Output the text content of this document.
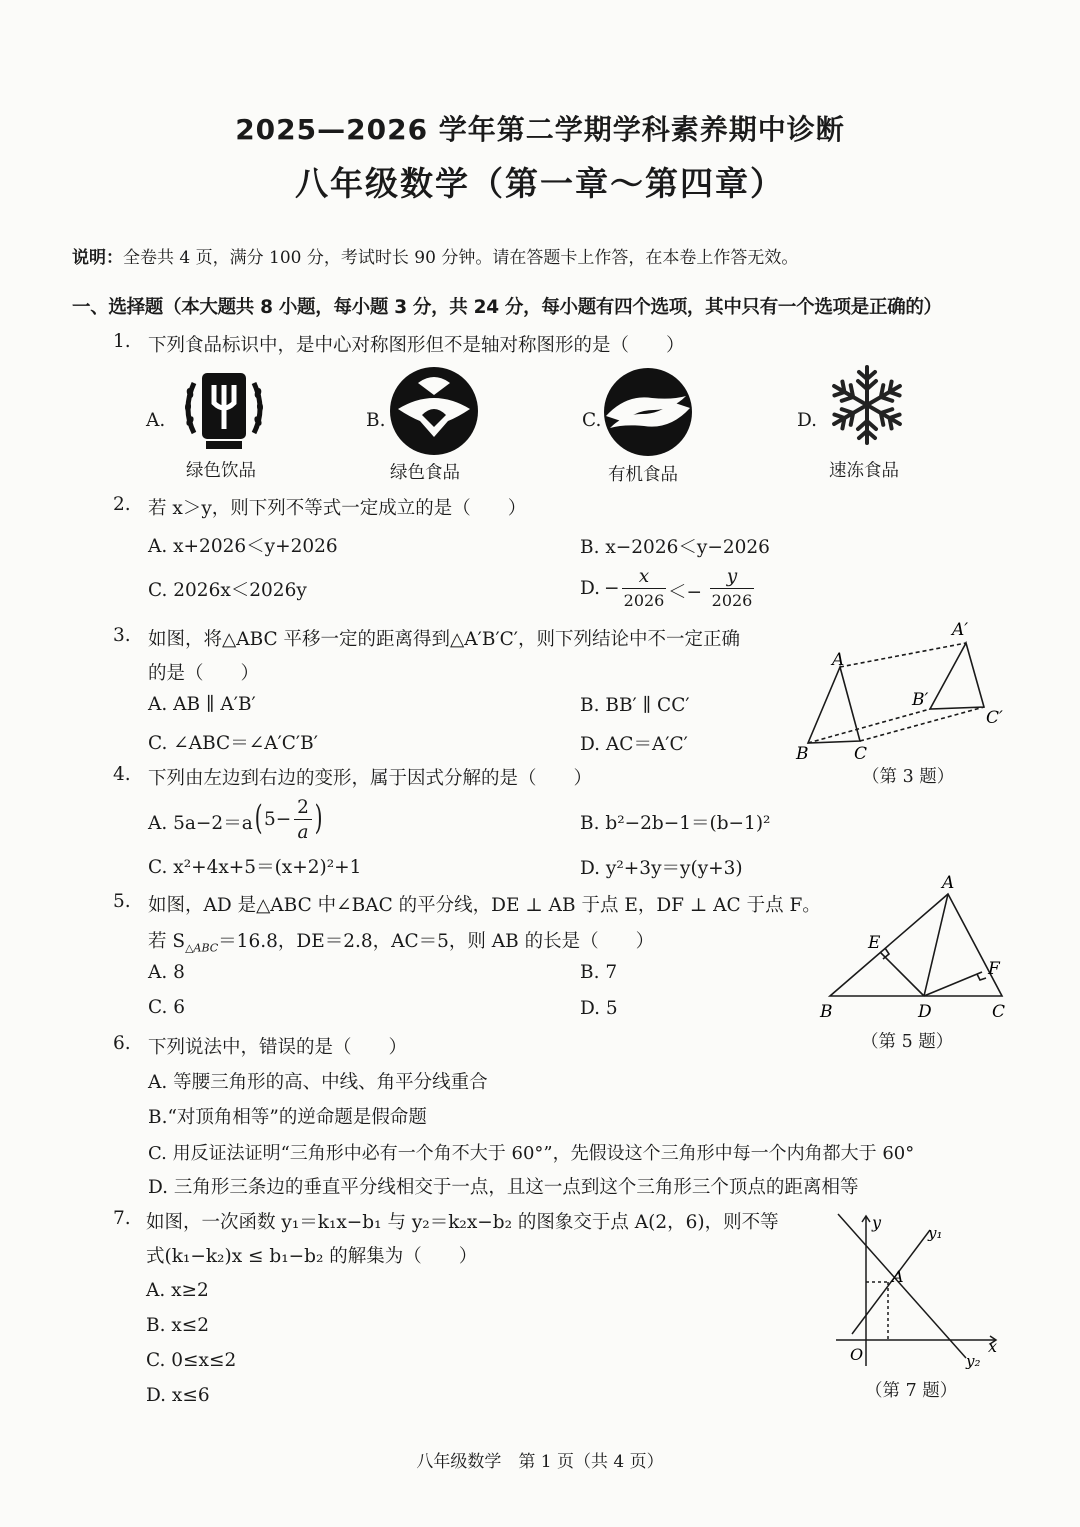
2025—2026 学年第二学期学科素养期中诊断
八年级数学（第一章～第四章）
说明：全卷共 4 页，满分 100 分，考试时长 90 分钟。请在答题卡上作答，在本卷上作答无效。
一、选择题（本大题共 8 小题，每小题 3 分，共 24 分，每小题有四个选项，其中只有一个选项是正确的）
1. 下列食品标识中，是中心对称图形但不是轴对称图形的是（　　）
A.
绿色饮品
B.
绿色食品
C.
有机食品
D.
速冻食品
2. 若 x＞y，则下列不等式一定成立的是（　　）
A. x+2026＜y+2026	B. x−2026＜y−2026
C. 2026x＜2026y	D. −
x
2026 ＜−
y
2026
3. 如图，将△ABC 平移一定的距离得到△A′B′C′，则下列结论中不一定正确
的是（　　）
A. AB ∥ A′B′	B. BB′ ∥ CC′
C. ∠ABC＝∠A′C′B′	D. AC＝A′C′
A
B	C
A′
B′
C′
（第 3 题）
4. 下列由左边到右边的变形，属于因式分解的是（　　）
A. 5a−2＝a ( 5−
2
a )	B. b²−2b−1＝(b−1)²
C. x²+4x+5＝(x+2)²+1	D. y²+3y＝y(y+3)
5. 如图，AD 是△ABC 中∠BAC 的平分线，DE ⊥ AB 于点 E，DF ⊥ AC 于点 F。
若 $S_{\triangle ABC}=16.8$，DE＝2.8，AC＝5，则 AB 的长是（　　）
A. 8	B. 7
C. 6	D. 5
A
B	C
D
E
F
（第 5 题）
6. 下列说法中，错误的是（　　）
A. 等腰三角形的高、中线、角平分线重合
B.“对顶角相等”的逆命题是假命题
C. 用反证法证明“三角形中必有一个角不大于 60°”，先假设这个三角形中每一个内角都大于 60°
D. 三角形三条边的垂直平分线相交于一点，且这一点到这个三角形三个顶点的距离相等
7. 如图，一次函数 y₁＝k₁x−b₁ 与 y₂＝k₂x−b₂ 的图象交于点 A(2，6)，则不等
式(k₁−k₂)x ≤ b₁−b₂ 的解集为（　　）
A. x≥2
B. x≤2
C. 0≤x≤2
D. x≤6
y
x
O
A
y₁
y₂
（第 7 题）
八年级数学　第 1 页（共 4 页）
